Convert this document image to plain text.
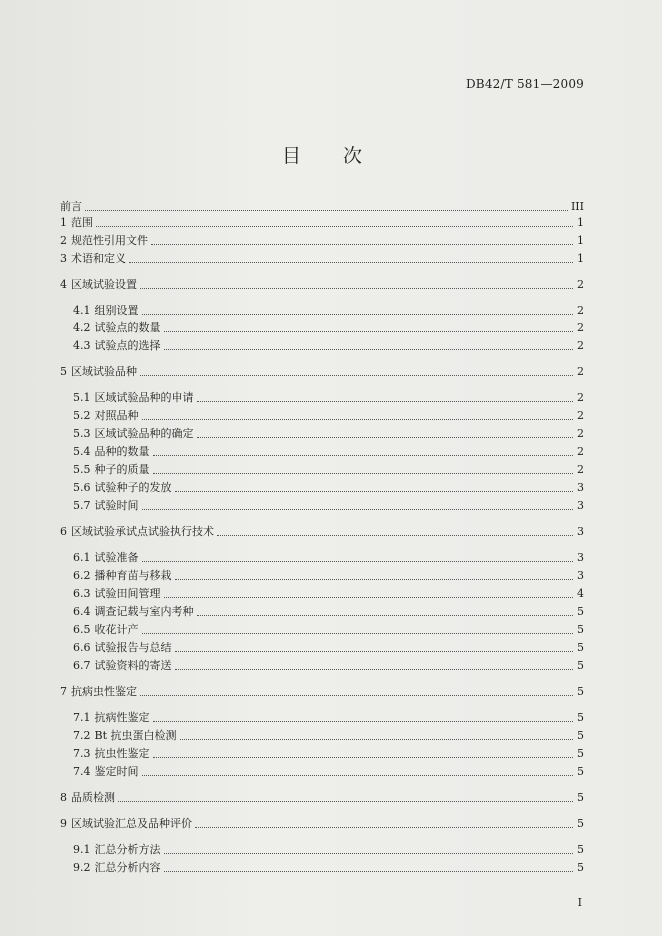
DB42/T 581—2009
目 次
前言	III
1 范围	1
2 规范性引用文件	1
3 术语和定义	1
4 区域试验设置	2
4.1 组别设置	2
4.2 试验点的数量	2
4.3 试验点的选择	2
5 区域试验品种	2
5.1 区域试验品种的申请	2
5.2 对照品种	2
5.3 区域试验品种的确定	2
5.4 品种的数量	2
5.5 种子的质量	2
5.6 试验种子的发放	3
5.7 试验时间	3
6 区域试验承试点试验执行技术	3
6.1 试验准备	3
6.2 播种育苗与移栽	3
6.3 试验田间管理	4
6.4 调查记载与室内考种	5
6.5 收花计产	5
6.6 试验报告与总结	5
6.7 试验资料的寄送	5
7 抗病虫性鉴定	5
7.1 抗病性鉴定	5
7.2 Bt 抗虫蛋白检测	5
7.3 抗虫性鉴定	5
7.4 鉴定时间	5
8 品质检测	5
9 区域试验汇总及品种评价	5
9.1 汇总分析方法	5
9.2 汇总分析内容	5
I
